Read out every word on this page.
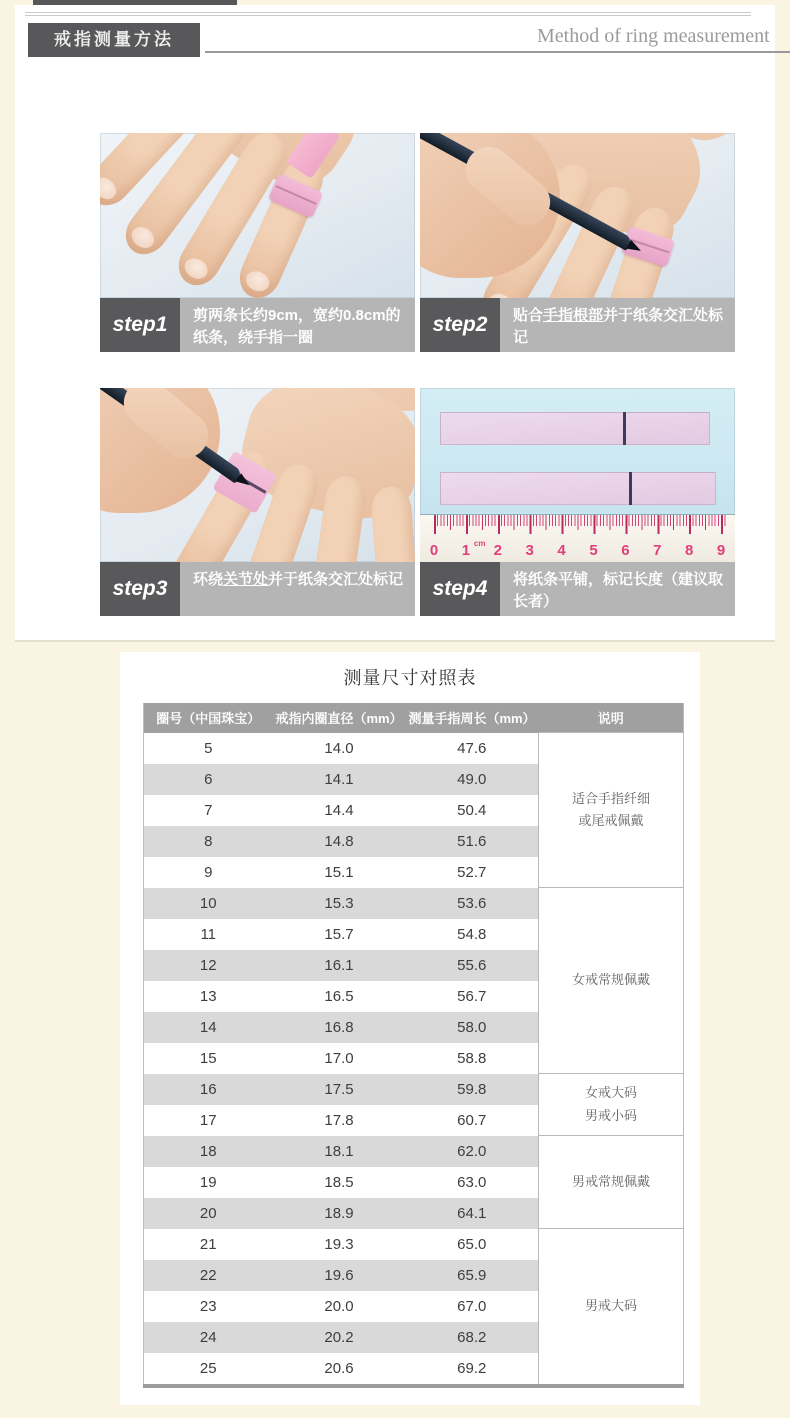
戒指测量方法	Method of ring measurement
0 1 cm 2 3 4 5 6 7 8 9
step1	剪两条长约9cm，宽约0.8cm的纸条，绕手指一圈
step2	贴合手指根部并于纸条交汇处标记
step3	环绕关节处并于纸条交汇处标记	step4	将纸条平铺，标记长度（建议取长者）
测量尺寸对照表
圈号（中国珠宝）	戒指内圈直径（mm）	测量手指周长（mm）	说明
5	14.0	47.6	适合手指纤细
或尾戒佩戴

6	14.1	49.0	
7	14.4	50.4	
8	14.8	51.6	
9	15.1	52.7	
10	15.3	53.6	女戒常规佩戴

11	15.7	54.8	
12	16.1	55.6	
13	16.5	56.7	
14	16.8	58.0	
15	17.0	58.8	
16	17.5	59.8	女戒大码
男戒小码

17	17.8	60.7	
18	18.1	62.0	男戒常规佩戴

19	18.5	63.0	
20	18.9	64.1	
21	19.3	65.0	男戒大码

22	19.6	65.9	
23	20.0	67.0	
24	20.2	68.2	
25	20.6	69.2	
